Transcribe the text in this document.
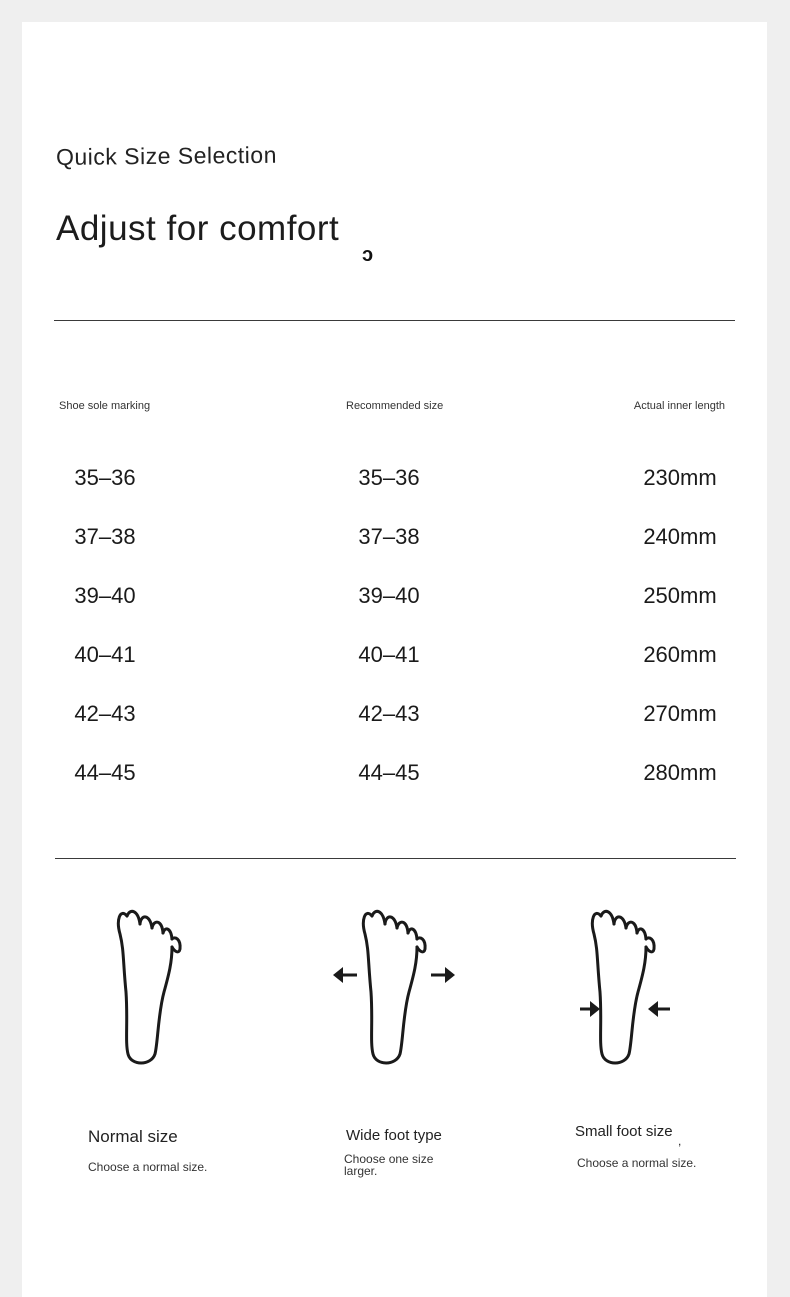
Quick Size Selection
Adjust for comfort
ↄ
Shoe sole marking	Recommended size	Actual inner length
35–36	35–36	230mm
37–38	37–38	240mm
39–40	39–40	250mm
40–41	40–41	260mm
42–43	42–43	270mm
44–45	44–45	280mm
Normal size
Choose a normal size.
Wide foot type
Choose one size larger.
Small foot size
Choose a normal size.
,
